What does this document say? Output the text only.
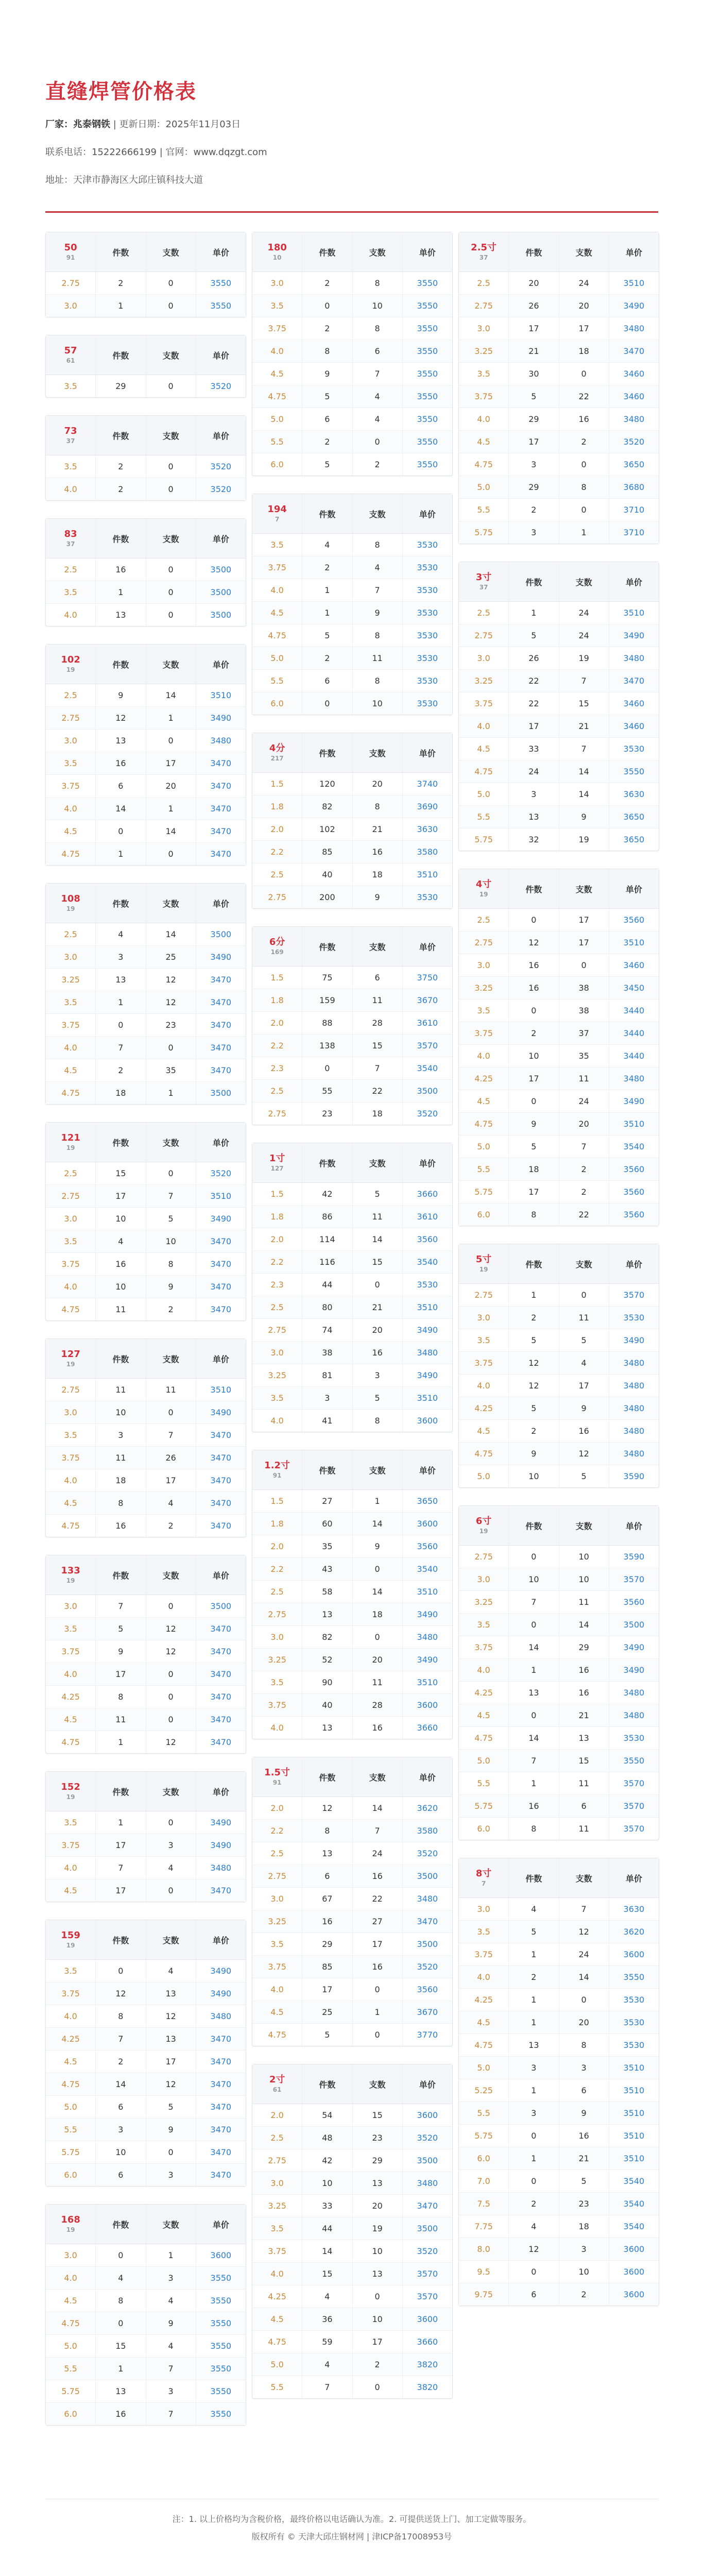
直缝焊管价格表
厂家：兆泰钢铁 | 更新日期：2025年11月03日
联系电话：15222666199 | 官网：www.dqzgt.com
地址：天津市静海区大邱庄镇科技大道
50
91
件数	支数	单价
2.75	2	0	3550
3.0	1	0	3550
57
61
件数	支数	单价
3.5	29	0	3520
73
37
件数	支数	单价
3.5	2	0	3520
4.0	2	0	3520
83
37
件数	支数	单价
2.5	16	0	3500
3.5	1	0	3500
4.0	13	0	3500
102
19
件数	支数	单价
2.5	9	14	3510
2.75	12	1	3490
3.0	13	0	3480
3.5	16	17	3470
3.75	6	20	3470
4.0	14	1	3470
4.5	0	14	3470
4.75	1	0	3470
108
19
件数	支数	单价
2.5	4	14	3500
3.0	3	25	3490
3.25	13	12	3470
3.5	1	12	3470
3.75	0	23	3470
4.0	7	0	3470
4.5	2	35	3470
4.75	18	1	3500
121
19
件数	支数	单价
2.5	15	0	3520
2.75	17	7	3510
3.0	10	5	3490
3.5	4	10	3470
3.75	16	8	3470
4.0	10	9	3470
4.75	11	2	3470
127
19
件数	支数	单价
2.75	11	11	3510
3.0	10	0	3490
3.5	3	7	3470
3.75	11	26	3470
4.0	18	17	3470
4.5	8	4	3470
4.75	16	2	3470
133
19
件数	支数	单价
3.0	7	0	3500
3.5	5	12	3470
3.75	9	12	3470
4.0	17	0	3470
4.25	8	0	3470
4.5	11	0	3470
4.75	1	12	3470
152
19
件数	支数	单价
3.5	1	0	3490
3.75	17	3	3490
4.0	7	4	3480
4.5	17	0	3470
159
19
件数	支数	单价
3.5	0	4	3490
3.75	12	13	3490
4.0	8	12	3480
4.25	7	13	3470
4.5	2	17	3470
4.75	14	12	3470
5.0	6	5	3470
5.5	3	9	3470
5.75	10	0	3470
6.0	6	3	3470
168
19
件数	支数	单价
3.0	0	1	3600
4.0	4	3	3550
4.5	8	4	3550
4.75	0	9	3550
5.0	15	4	3550
5.5	1	7	3550
5.75	13	3	3550
6.0	16	7	3550
180
10
件数	支数	单价
3.0	2	8	3550
3.5	0	10	3550
3.75	2	8	3550
4.0	8	6	3550
4.5	9	7	3550
4.75	5	4	3550
5.0	6	4	3550
5.5	2	0	3550
6.0	5	2	3550
194
7
件数	支数	单价
3.5	4	8	3530
3.75	2	4	3530
4.0	1	7	3530
4.5	1	9	3530
4.75	5	8	3530
5.0	2	11	3530
5.5	6	8	3530
6.0	0	10	3530
4分
217
件数	支数	单价
1.5	120	20	3740
1.8	82	8	3690
2.0	102	21	3630
2.2	85	16	3580
2.5	40	18	3510
2.75	200	9	3530
6分
169
件数	支数	单价
1.5	75	6	3750
1.8	159	11	3670
2.0	88	28	3610
2.2	138	15	3570
2.3	0	7	3540
2.5	55	22	3500
2.75	23	18	3520
1寸
127
件数	支数	单价
1.5	42	5	3660
1.8	86	11	3610
2.0	114	14	3560
2.2	116	15	3540
2.3	44	0	3530
2.5	80	21	3510
2.75	74	20	3490
3.0	38	16	3480
3.25	81	3	3490
3.5	3	5	3510
4.0	41	8	3600
1.2寸
91
件数	支数	单价
1.5	27	1	3650
1.8	60	14	3600
2.0	35	9	3560
2.2	43	0	3540
2.5	58	14	3510
2.75	13	18	3490
3.0	82	0	3480
3.25	52	20	3490
3.5	90	11	3510
3.75	40	28	3600
4.0	13	16	3660
1.5寸
91
件数	支数	单价
2.0	12	14	3620
2.2	8	7	3580
2.5	13	24	3520
2.75	6	16	3500
3.0	67	22	3480
3.25	16	27	3470
3.5	29	17	3500
3.75	85	16	3520
4.0	17	0	3560
4.5	25	1	3670
4.75	5	0	3770
2寸
61
件数	支数	单价
2.0	54	15	3600
2.5	48	23	3520
2.75	42	29	3500
3.0	10	13	3480
3.25	33	20	3470
3.5	44	19	3500
3.75	14	10	3520
4.0	15	13	3570
4.25	4	0	3570
4.5	36	10	3600
4.75	59	17	3660
5.0	4	2	3820
5.5	7	0	3820
2.5寸
37
件数	支数	单价
2.5	20	24	3510
2.75	26	20	3490
3.0	17	17	3480
3.25	21	18	3470
3.5	30	0	3460
3.75	5	22	3460
4.0	29	16	3480
4.5	17	2	3520
4.75	3	0	3650
5.0	29	8	3680
5.5	2	0	3710
5.75	3	1	3710
3寸
37
件数	支数	单价
2.5	1	24	3510
2.75	5	24	3490
3.0	26	19	3480
3.25	22	7	3470
3.75	22	15	3460
4.0	17	21	3460
4.5	33	7	3530
4.75	24	14	3550
5.0	3	14	3630
5.5	13	9	3650
5.75	32	19	3650
4寸
19
件数	支数	单价
2.5	0	17	3560
2.75	12	17	3510
3.0	16	0	3460
3.25	16	38	3450
3.5	0	38	3440
3.75	2	37	3440
4.0	10	35	3440
4.25	17	11	3480
4.5	0	24	3490
4.75	9	20	3510
5.0	5	7	3540
5.5	18	2	3560
5.75	17	2	3560
6.0	8	22	3560
5寸
19
件数	支数	单价
2.75	1	0	3570
3.0	2	11	3530
3.5	5	5	3490
3.75	12	4	3480
4.0	12	17	3480
4.25	5	9	3480
4.5	2	16	3480
4.75	9	12	3480
5.0	10	5	3590
6寸
19
件数	支数	单价
2.75	0	10	3590
3.0	10	10	3570
3.25	7	11	3560
3.5	0	14	3500
3.75	14	29	3490
4.0	1	16	3490
4.25	13	16	3480
4.5	0	21	3480
4.75	14	13	3530
5.0	7	15	3550
5.5	1	11	3570
5.75	16	6	3570
6.0	8	11	3570
8寸
7
件数	支数	单价
3.0	4	7	3630
3.5	5	12	3620
3.75	1	24	3600
4.0	2	14	3550
4.25	1	0	3530
4.5	1	20	3530
4.75	13	8	3530
5.0	3	3	3510
5.25	1	6	3510
5.5	3	9	3510
5.75	0	16	3510
6.0	1	21	3510
7.0	0	5	3540
7.5	2	23	3540
7.75	4	18	3540
8.0	12	3	3600
9.5	0	10	3600
9.75	6	2	3600
注：1. 以上价格均为含税价格，最终价格以电话确认为准。2. 可提供送货上门、加工定做等服务。
版权所有 © 天津大邱庄钢材网 | 津ICP备17008953号
